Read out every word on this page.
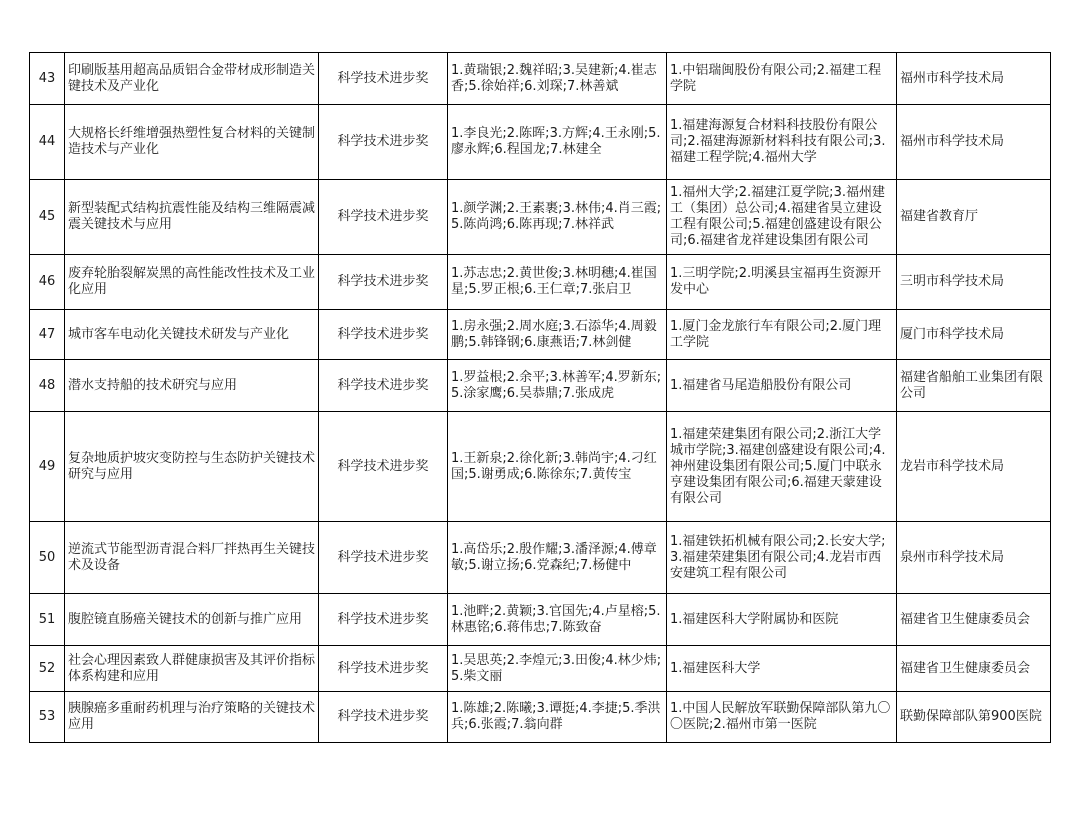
43	印刷版基用超高品质铝合金带材成形制造关键技术及产业化	科学技术进步奖	1.黄瑞银;2.魏祥昭;3.吴建新;4.崔志香;5.徐始祥;6.刘琛;7.林善斌	1.中铝瑞闽股份有限公司;2.福建工程学院	福州市科学技术局
44	大规格长纤维增强热塑性复合材料的关键制造技术与产业化	科学技术进步奖	1.李良光;2.陈晖;3.方辉;4.王永刚;5.廖永辉;6.程国龙;7.林建全	1.福建海源复合材料科技股份有限公司;2.福建海源新材料科技有限公司;3.福建工程学院;4.福州大学	福州市科学技术局
45	新型装配式结构抗震性能及结构三维隔震减震关键技术与应用	科学技术进步奖	1.颜学渊;2.王素裹;3.林伟;4.肖三霞;5.陈尚鸿;6.陈再现;7.林祥武	1.福州大学;2.福建江夏学院;3.福州建工（集团）总公司;4.福建省昊立建设工程有限公司;5.福建创盛建设有限公司;6.福建省龙祥建设集团有限公司	福建省教育厅
46	废弃轮胎裂解炭黑的高性能改性技术及工业化应用	科学技术进步奖	1.苏志忠;2.黄世俊;3.林明穗;4.崔国星;5.罗正根;6.王仁章;7.张启卫	1.三明学院;2.明溪县宝福再生资源开发中心	三明市科学技术局
47	城市客车电动化关键技术研发与产业化	科学技术进步奖	1.房永强;2.周水庭;3.石添华;4.周毅鹏;5.韩锋钢;6.康燕语;7.林剑健	1.厦门金龙旅行车有限公司;2.厦门理工学院	厦门市科学技术局
48	潜水支持船的技术研究与应用	科学技术进步奖	1.罗益根;2.余平;3.林善军;4.罗新东;5.涂家鹰;6.吴恭鼎;7.张成虎	1.福建省马尾造船股份有限公司	福建省船舶工业集团有限公司
49	复杂地质护坡灾变防控与生态防护关键技术研究与应用	科学技术进步奖	1.王新泉;2.徐化新;3.韩尚宇;4.刁红国;5.谢勇成;6.陈徐东;7.黄传宝	1.福建荣建集团有限公司;2.浙江大学城市学院;3.福建创盛建设有限公司;4.神州建设集团有限公司;5.厦门中联永亨建设集团有限公司;6.福建天蒙建设有限公司	龙岩市科学技术局
50	逆流式节能型沥青混合料厂拌热再生关键技术及设备	科学技术进步奖	1.高岱乐;2.殷作耀;3.潘泽源;4.傅章敏;5.谢立扬;6.党森纪;7.杨健中	1.福建铁拓机械有限公司;2.长安大学;3.福建荣建集团有限公司;4.龙岩市西安建筑工程有限公司	泉州市科学技术局
51	腹腔镜直肠癌关键技术的创新与推广应用	科学技术进步奖	1.池畔;2.黄颖;3.官国先;4.卢星榕;5.林惠铭;6.蒋伟忠;7.陈致奋	1.福建医科大学附属协和医院	福建省卫生健康委员会
52	社会心理因素致人群健康损害及其评价指标体系构建和应用	科学技术进步奖	1.吴思英;2.李煌元;3.田俊;4.林少炜;5.柴文丽	1.福建医科大学	福建省卫生健康委员会
53	胰腺癌多重耐药机理与治疗策略的关键技术应用	科学技术进步奖	1.陈雄;2.陈曦;3.谭挺;4.李捷;5.季洪兵;6.张霞;7.翁向群	1.中国人民解放军联勤保障部队第九〇〇医院;2.福州市第一医院	联勤保障部队第900医院
